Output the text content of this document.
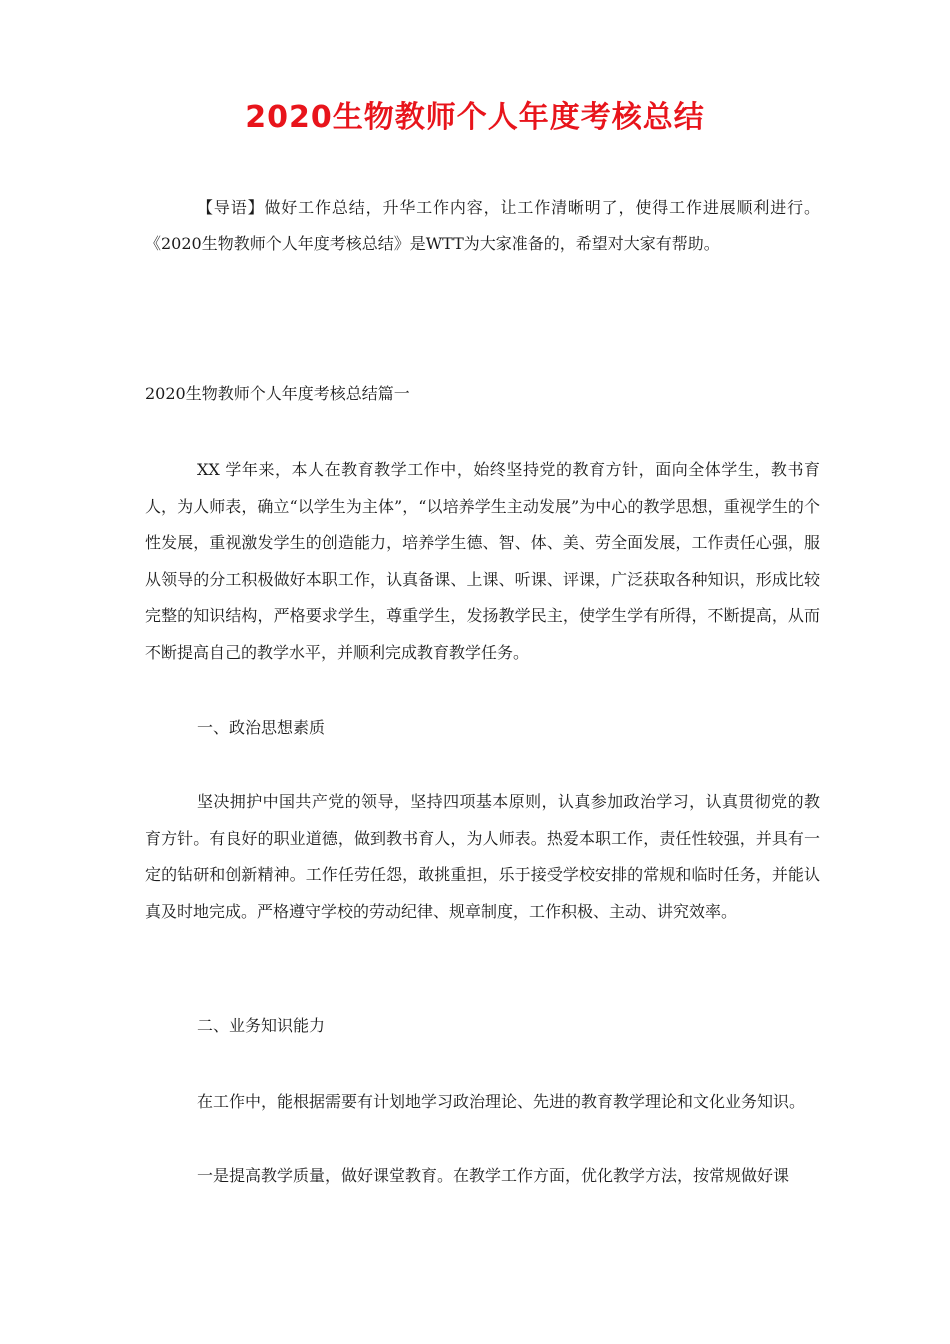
2020生物教师个人年度考核总结
【导语】做好工作总结，升华工作内容，让工作清晰明了，使得工作进展顺利进行。《2020生物教师个人年度考核总结》是WTT为大家准备的，希望对大家有帮助。
2020生物教师个人年度考核总结篇一
XX 学年来，本人在教育教学工作中，始终坚持党的教育方针，面向全体学生，教书育人，为人师表，确立“以学生为主体”，“以培养学生主动发展”为中心的教学思想，重视学生的个性发展，重视激发学生的创造能力，培养学生德、智、体、美、劳全面发展，工作责任心强，服从领导的分工积极做好本职工作，认真备课、上课、听课、评课，广泛获取各种知识，形成比较完整的知识结构，严格要求学生，尊重学生，发扬教学民主，使学生学有所得，不断提高，从而不断提高自己的教学水平，并顺利完成教育教学任务。
一、政治思想素质
坚决拥护中国共产党的领导，坚持四项基本原则，认真参加政治学习，认真贯彻党的教育方针。有良好的职业道德，做到教书育人，为人师表。热爱本职工作，责任性较强，并具有一定的钻研和创新精神。工作任劳任怨，敢挑重担，乐于接受学校安排的常规和临时任务，并能认真及时地完成。严格遵守学校的劳动纪律、规章制度，工作积极、主动、讲究效率。
二、业务知识能力
在工作中，能根据需要有计划地学习政治理论、先进的教育教学理论和文化业务知识。
一是提高教学质量，做好课堂教育。在教学工作方面，优化教学方法，按常规做好课
